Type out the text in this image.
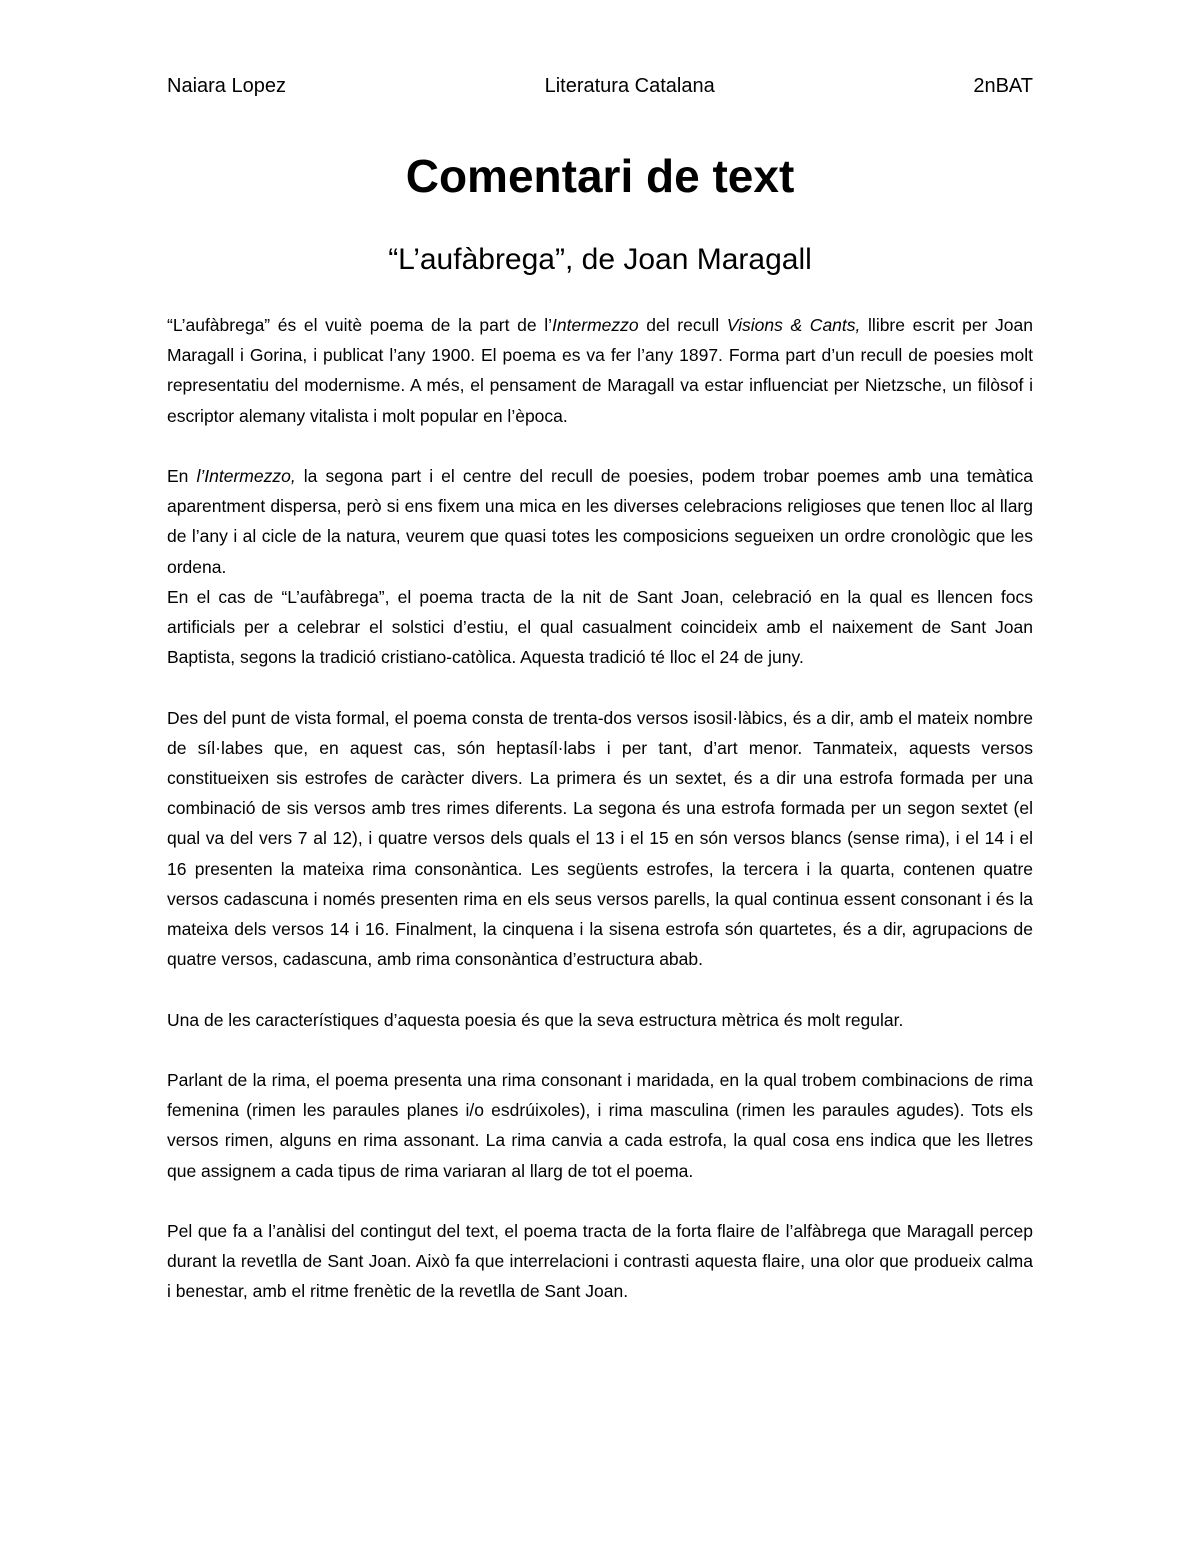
Naiara Lopez	Literatura Catalana	2nBAT
Comentari de text
“L’aufàbrega”, de Joan Maragall

“L’aufàbrega” és el vuitè poema de la part de l’Intermezzo del recull Visions & Cants, llibre escrit per Joan Maragall i Gorina, i publicat l’any 1900. El poema es va fer l’any 1897. Forma part d’un recull de poesies molt representatiu del modernisme. A més, el pensament de Maragall va estar influenciat per Nietzsche, un filòsof i escriptor alemany vitalista i molt popular en l’època.

En l’Intermezzo, la segona part i el centre del recull de poesies, podem trobar poemes amb una temàtica aparentment dispersa, però si ens fixem una mica en les diverses celebracions religioses que tenen lloc al llarg de l’any i al cicle de la natura, veurem que quasi totes les composicions segueixen un ordre cronològic que les ordena.

En el cas de “L’aufàbrega”, el poema tracta de la nit de Sant Joan, celebració en la qual es llencen focs artificials per a celebrar el solstici d’estiu, el qual casualment coincideix amb el naixement de Sant Joan Baptista, segons la tradició cristiano-catòlica. Aquesta tradició té lloc el 24 de juny.

Des del punt de vista formal, el poema consta de trenta-dos versos isosil·làbics, és a dir, amb el mateix nombre de síl·labes que, en aquest cas, són heptasíl·labs i per tant, d’art menor. Tanmateix, aquests versos constitueixen sis estrofes de caràcter divers. La primera és un sextet, és a dir una estrofa formada per una combinació de sis versos amb tres rimes diferents. La segona és una estrofa formada per un segon sextet (el qual va del vers 7 al 12), i quatre versos dels quals el 13 i el 15 en són versos blancs (sense rima), i el 14 i el 16 presenten la mateixa rima consonàntica. Les següents estrofes, la tercera i la quarta, contenen quatre versos cadascuna i només presenten rima en els seus versos parells, la qual continua essent consonant i és la mateixa dels versos 14 i 16. Finalment, la cinquena i la sisena estrofa són quartetes, és a dir, agrupacions de quatre versos, cadascuna, amb rima consonàntica d’estructura abab.

Una de les característiques d’aquesta poesia és que la seva estructura mètrica és molt regular.

Parlant de la rima, el poema presenta una rima consonant i maridada, en la qual trobem combinacions de rima femenina (rimen les paraules planes i/o esdrúixoles), i rima masculina (rimen les paraules agudes). Tots els versos rimen, alguns en rima assonant. La rima canvia a cada estrofa, la qual cosa ens indica que les lletres que assignem a cada tipus de rima variaran al llarg de tot el poema.

Pel que fa a l’anàlisi del contingut del text, el poema tracta de la forta flaire de l’alfàbrega que Maragall percep durant la revetlla de Sant Joan. Això fa que interrelacioni i contrasti aquesta flaire, una olor que produeix calma i benestar, amb el ritme frenètic de la revetlla de Sant Joan.
